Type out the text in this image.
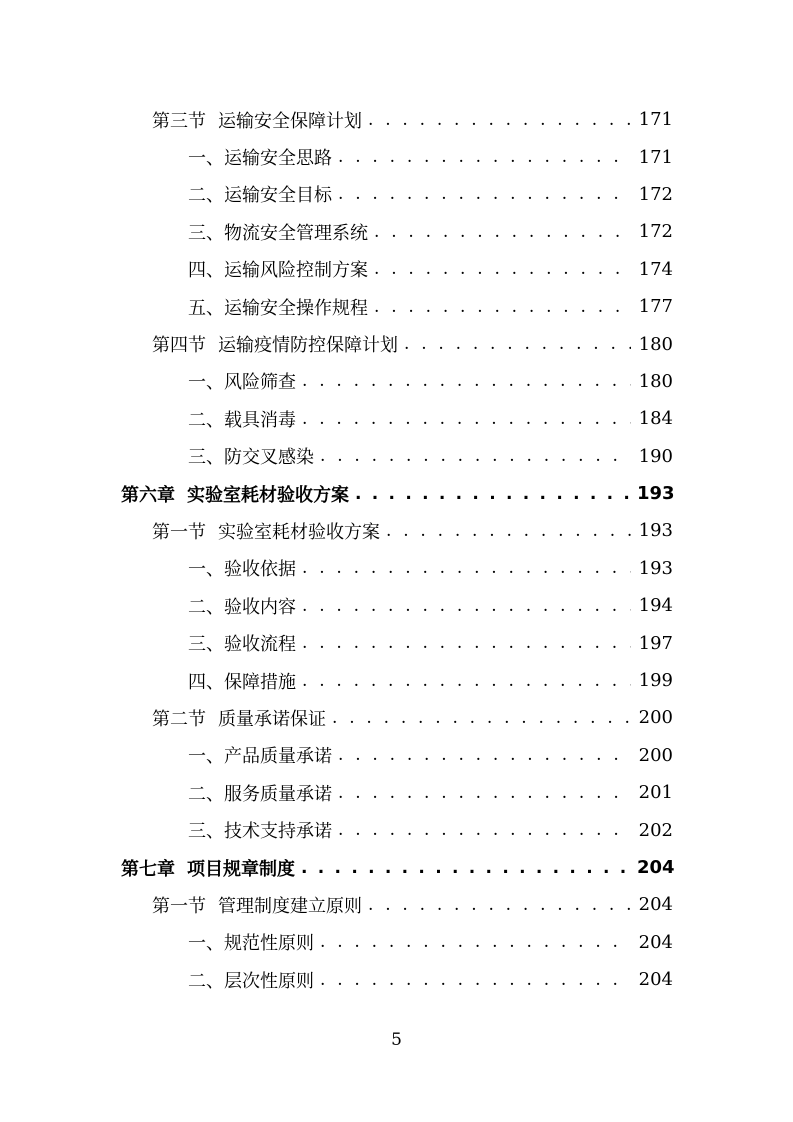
第三节 运输安全保障计划 . . .	171
一、运输安全思路 . . .	171
二、运输安全目标 . . .	172
三、物流安全管理系统 . . .	172
四、运输风险控制方案 . . .	174
五、运输安全操作规程 . . .	177
第四节 运输疫情防控保障计划 . . .	180
一、风险筛查 . . .	180
二、载具消毒 . . .	184
三、防交叉感染 . . .	190
第六章 实验室耗材验收方案 . . .	193
第一节 实验室耗材验收方案 . . .	193
一、验收依据 . . .	193
二、验收内容 . . .	194
三、验收流程 . . .	197
四、保障措施 . . .	199
第二节 质量承诺保证 . . .	200
一、产品质量承诺 . . .	200
二、服务质量承诺 . . .	201
三、技术支持承诺 . . .	202
第七章 项目规章制度 . . .	204
第一节 管理制度建立原则 . . .	204
一、规范性原则 . . .	204
二、层次性原则 . . .	204
5
